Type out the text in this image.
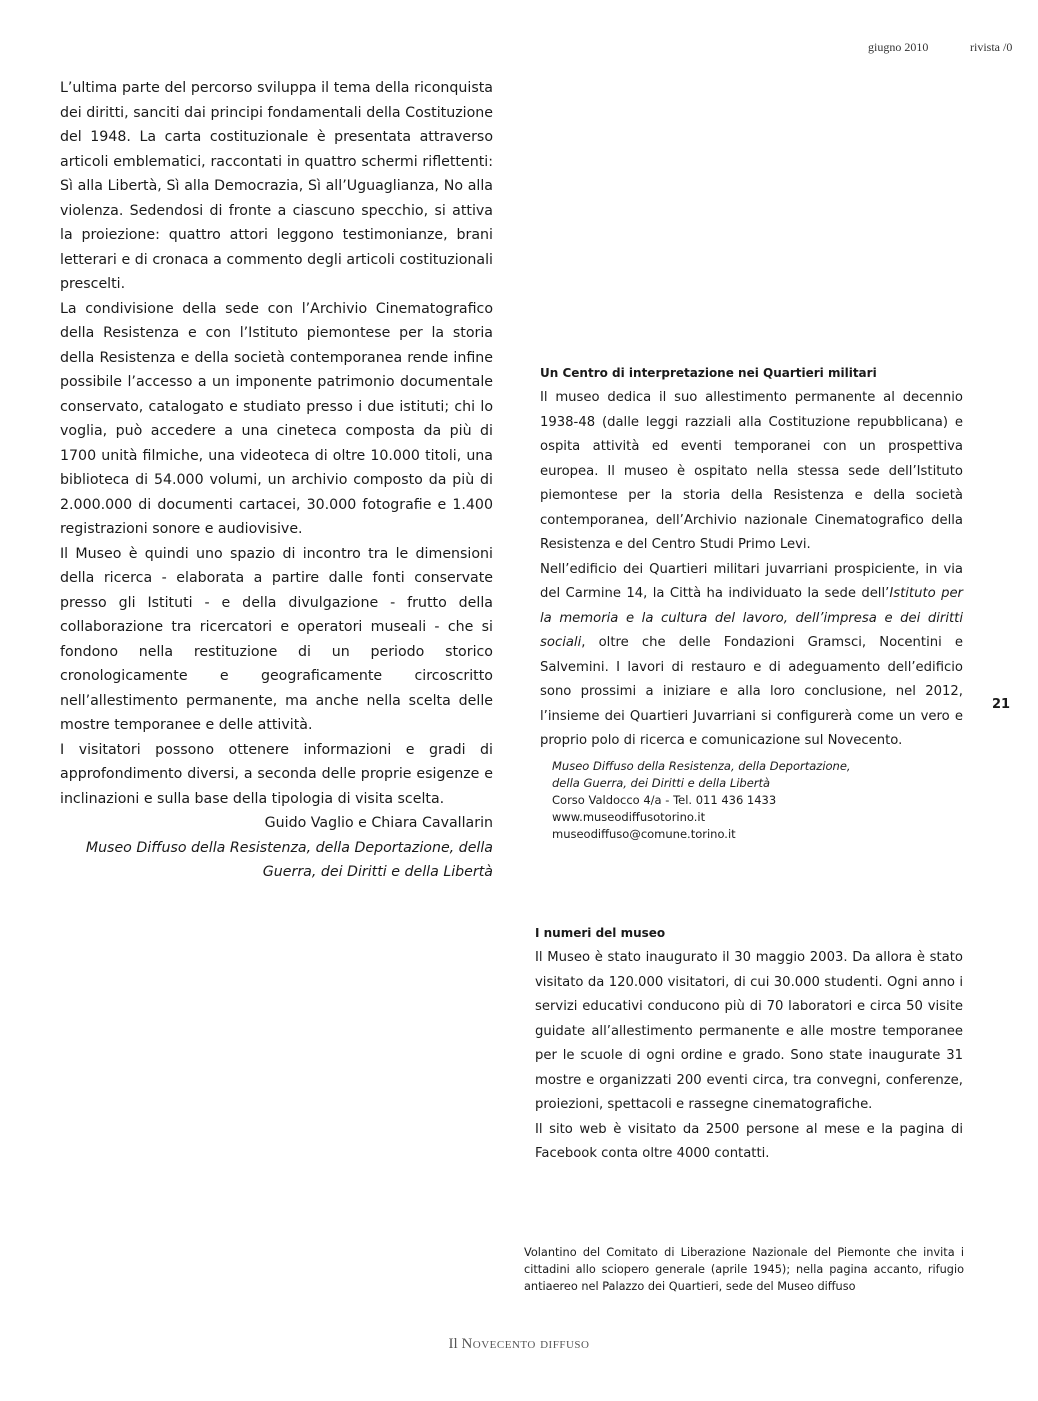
giugno 2010	rivista /0

L’ultima parte del percorso sviluppa il tema della riconquista dei diritti, sanciti dai principi fondamentali della Costituzione del 1948. La carta costituzionale è presentata attraverso articoli emblematici, raccontati in quattro schermi riflettenti: Sì alla Libertà, Sì alla Democrazia, Sì all’Uguaglianza, No alla violenza. Sedendosi di fronte a ciascuno specchio, si attiva la proiezione: quattro attori leggono testimonianze, brani letterari e di cronaca a commento degli articoli costituzionali prescelti.

La condivisione della sede con l’Archivio Cinematografico della Resistenza e con l’Istituto piemontese per la storia della Resistenza e della società contemporanea rende infine possibile l’accesso a un imponente patrimonio documentale conservato, catalogato e studiato presso i due istituti; chi lo voglia, può accedere a una cineteca composta da più di 1700 unità filmiche, una videoteca di oltre 10.000 titoli, una biblioteca di 54.000 volumi, un archivio composto da più di 2.000.000 di documenti cartacei, 30.000 fotografie e 1.400 registrazioni sonore e audiovisive.

Il Museo è quindi uno spazio di incontro tra le dimensioni della ricerca - elaborata a partire dalle fonti conservate presso gli Istituti - e della divulgazione - frutto della collaborazione tra ricercatori e operatori museali - che si fondono nella restituzione di un periodo storico cronologicamente e geograficamente circoscritto nell’allestimento permanente, ma anche nella scelta delle mostre temporanee e delle attività.

I visitatori possono ottenere informazioni e gradi di approfondimento diversi, a seconda delle proprie esigenze e inclinazioni e sulla base della tipologia di visita scelta.

Guido Vaglio e Chiara Cavallarin

Museo Diffuso della Resistenza, della Deportazione, della Guerra, dei Diritti e della Libertà

Un Centro di interpretazione nei Quartieri militari

Il museo dedica il suo allestimento permanente al decennio 1938-48 (dalle leggi razziali alla Costituzione repubblicana) e ospita attività ed eventi temporanei con un prospettiva europea. Il museo è ospitato nella stessa sede dell’Istituto piemontese per la storia della Resistenza e della società contemporanea, dell’Archivio nazionale Cinematografico della Resistenza e del Centro Studi Primo Levi.

Nell’edificio dei Quartieri militari juvarriani prospiciente, in via del Carmine 14, la Città ha individuato la sede dell’Istituto per la memoria e la cultura del lavoro, dell’impresa e dei diritti sociali, oltre che delle Fondazioni Gramsci, Nocentini e Salvemini. I lavori di restauro e di adeguamento dell’edificio sono prossimi a iniziare e alla loro conclusione, nel 2012, l’insieme dei Quartieri Juvarriani si configurerà come un vero e proprio polo di ricerca e comunicazione sul Novecento.

Museo Diffuso della Resistenza, della Deportazione,
della Guerra, dei Diritti e della Libertà
Corso Valdocco 4/a - Tel. 011 436 1433
www.museodiffusotorino.it
museodiffuso@comune.torino.it

I numeri del museo

Il Museo è stato inaugurato il 30 maggio 2003. Da allora è stato visitato da 120.000 visitatori, di cui 30.000 studenti. Ogni anno i servizi educativi conducono più di 70 laboratori e circa 50 visite guidate all’allestimento permanente e alle mostre temporanee per le scuole di ogni ordine e grado. Sono state inaugurate 31 mostre e organizzati 200 eventi circa, tra convegni, conferenze, proiezioni, spettacoli e rassegne cinematografiche.

Il sito web è visitato da 2500 persone al mese e la pagina di Facebook conta oltre 4000 contatti.

Volantino del Comitato di Liberazione Nazionale del Piemonte che invita i cittadini allo sciopero generale (aprile 1945); nella pagina accanto, rifugio antiaereo nel Palazzo dei Quartieri, sede del Museo diffuso
21
Il Novecento diffuso
